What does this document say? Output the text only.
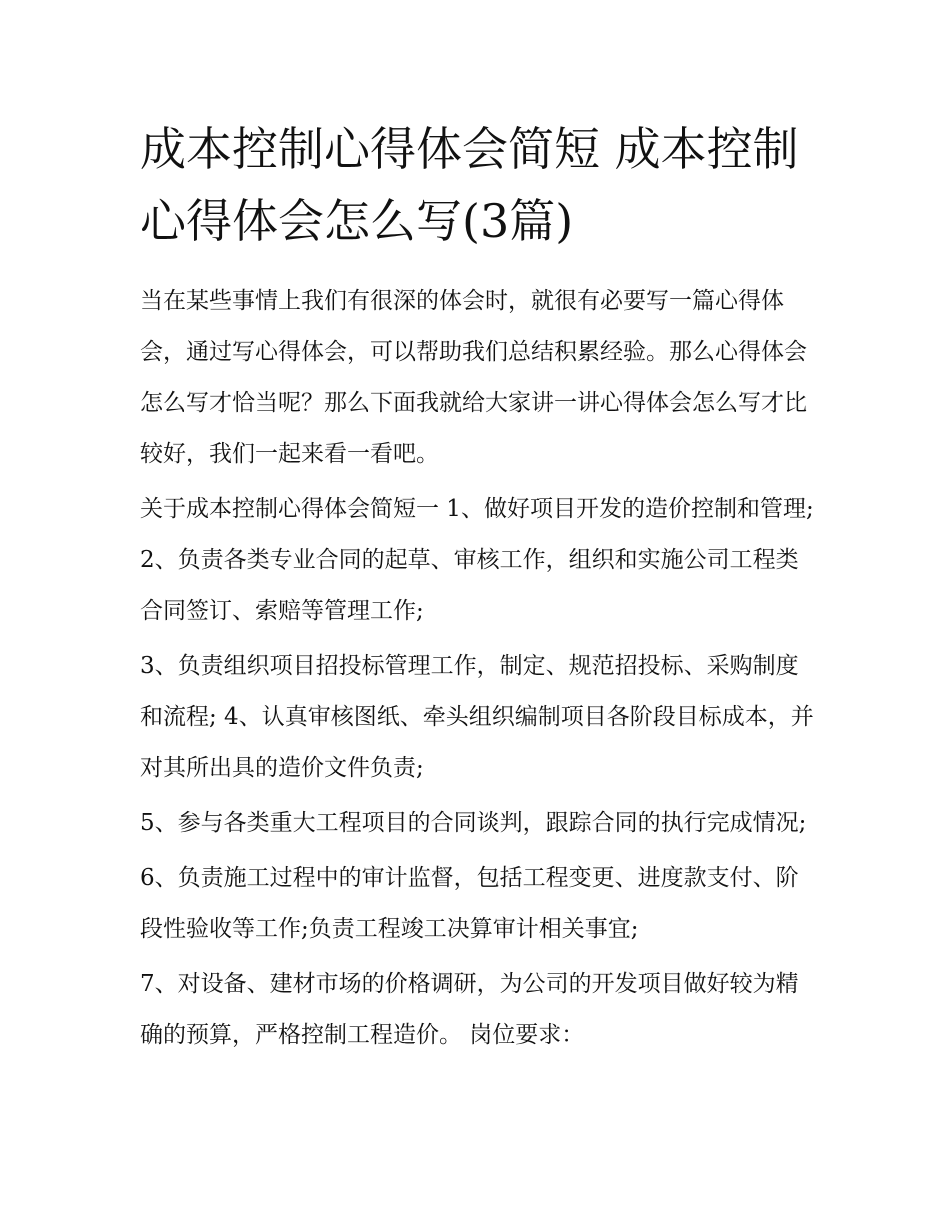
成本控制心得体会简短 成本控制心得体会怎么写(3篇)

当在某些事情上我们有很深的体会时，就很有必要写一篇心得体会，通过写心得体会，可以帮助我们总结积累经验。那么心得体会怎么写才恰当呢？那么下面我就给大家讲一讲心得体会怎么写才比较好，我们一起来看一看吧。

关于成本控制心得体会简短一 1、做好项目开发的造价控制和管理; 2、负责各类专业合同的起草、审核工作，组织和实施公司工程类合同签订、索赔等管理工作;

3、负责组织项目招投标管理工作，制定、规范招投标、采购制度和流程; 4、认真审核图纸、牵头组织编制项目各阶段目标成本，并对其所出具的造价文件负责;

5、参与各类重大工程项目的合同谈判，跟踪合同的执行完成情况;

6、负责施工过程中的审计监督，包括工程变更、进度款支付、阶段性验收等工作;负责工程竣工决算审计相关事宜;

7、对设备、建材市场的价格调研，为公司的开发项目做好较为精确的预算，严格控制工程造价。 岗位要求：
